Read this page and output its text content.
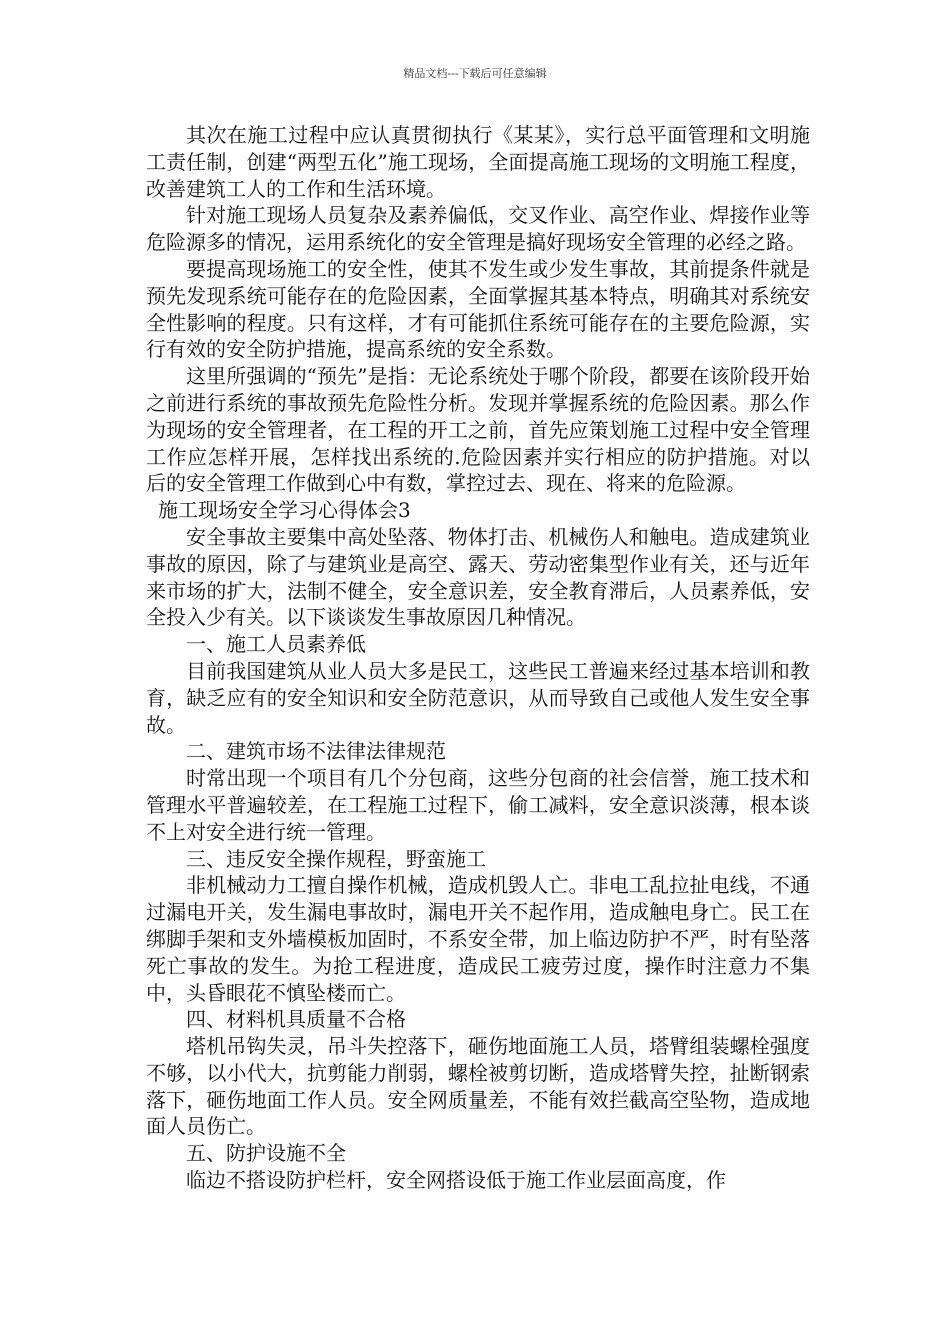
精品文档---下载后可任意编辑

其次在施工过程中应认真贯彻执行《某某》，实行总平面管理和文明施工责任制，创建“两型五化”施工现场，全面提高施工现场的文明施工程度，改善建筑工人的工作和生活环境。

针对施工现场人员复杂及素养偏低，交叉作业、高空作业、焊接作业等危险源多的情况，运用系统化的安全管理是搞好现场安全管理的必经之路。

要提高现场施工的安全性，使其不发生或少发生事故，其前提条件就是预先发现系统可能存在的危险因素，全面掌握其基本特点，明确其对系统安全性影响的程度。只有这样，才有可能抓住系统可能存在的主要危险源，实行有效的安全防护措施，提高系统的安全系数。

这里所强调的“预先”是指：无论系统处于哪个阶段，都要在该阶段开始之前进行系统的事故预先危险性分析。发现并掌握系统的危险因素。那么作为现场的安全管理者，在工程的开工之前，首先应策划施工过程中安全管理工作应怎样开展，怎样找出系统的.危险因素并实行相应的防护措施。对以后的安全管理工作做到心中有数，掌控过去、现在、将来的危险源。

施工现场安全学习心得体会3

安全事故主要集中高处坠落、物体打击、机械伤人和触电。造成建筑业事故的原因，除了与建筑业是高空、露天、劳动密集型作业有关，还与近年来市场的扩大，法制不健全，安全意识差，安全教育滞后，人员素养低，安全投入少有关。以下谈谈发生事故原因几种情况。

一、施工人员素养低

目前我国建筑从业人员大多是民工，这些民工普遍来经过基本培训和教育，缺乏应有的安全知识和安全防范意识，从而导致自己或他人发生安全事故。

二、建筑市场不法律法律规范

时常出现一个项目有几个分包商，这些分包商的社会信誉，施工技术和管理水平普遍较差，在工程施工过程下，偷工减料，安全意识淡薄，根本谈不上对安全进行统一管理。

三、违反安全操作规程，野蛮施工

非机械动力工擅自操作机械，造成机毁人亡。非电工乱拉扯电线，不通过漏电开关，发生漏电事故时，漏电开关不起作用，造成触电身亡。民工在绑脚手架和支外墙模板加固时，不系安全带，加上临边防护不严，时有坠落死亡事故的发生。为抢工程进度，造成民工疲劳过度，操作时注意力不集中，头昏眼花不慎坠楼而亡。

四、材料机具质量不合格

塔机吊钩失灵，吊斗失控落下，砸伤地面施工人员，塔臂组装螺栓强度不够，以小代大，抗剪能力削弱，螺栓被剪切断，造成塔臂失控，扯断钢索落下，砸伤地面工作人员。安全网质量差，不能有效拦截高空坠物，造成地面人员伤亡。

五、防护设施不全

临边不搭设防护栏杆，安全网搭设低于施工作业层面高度，作
